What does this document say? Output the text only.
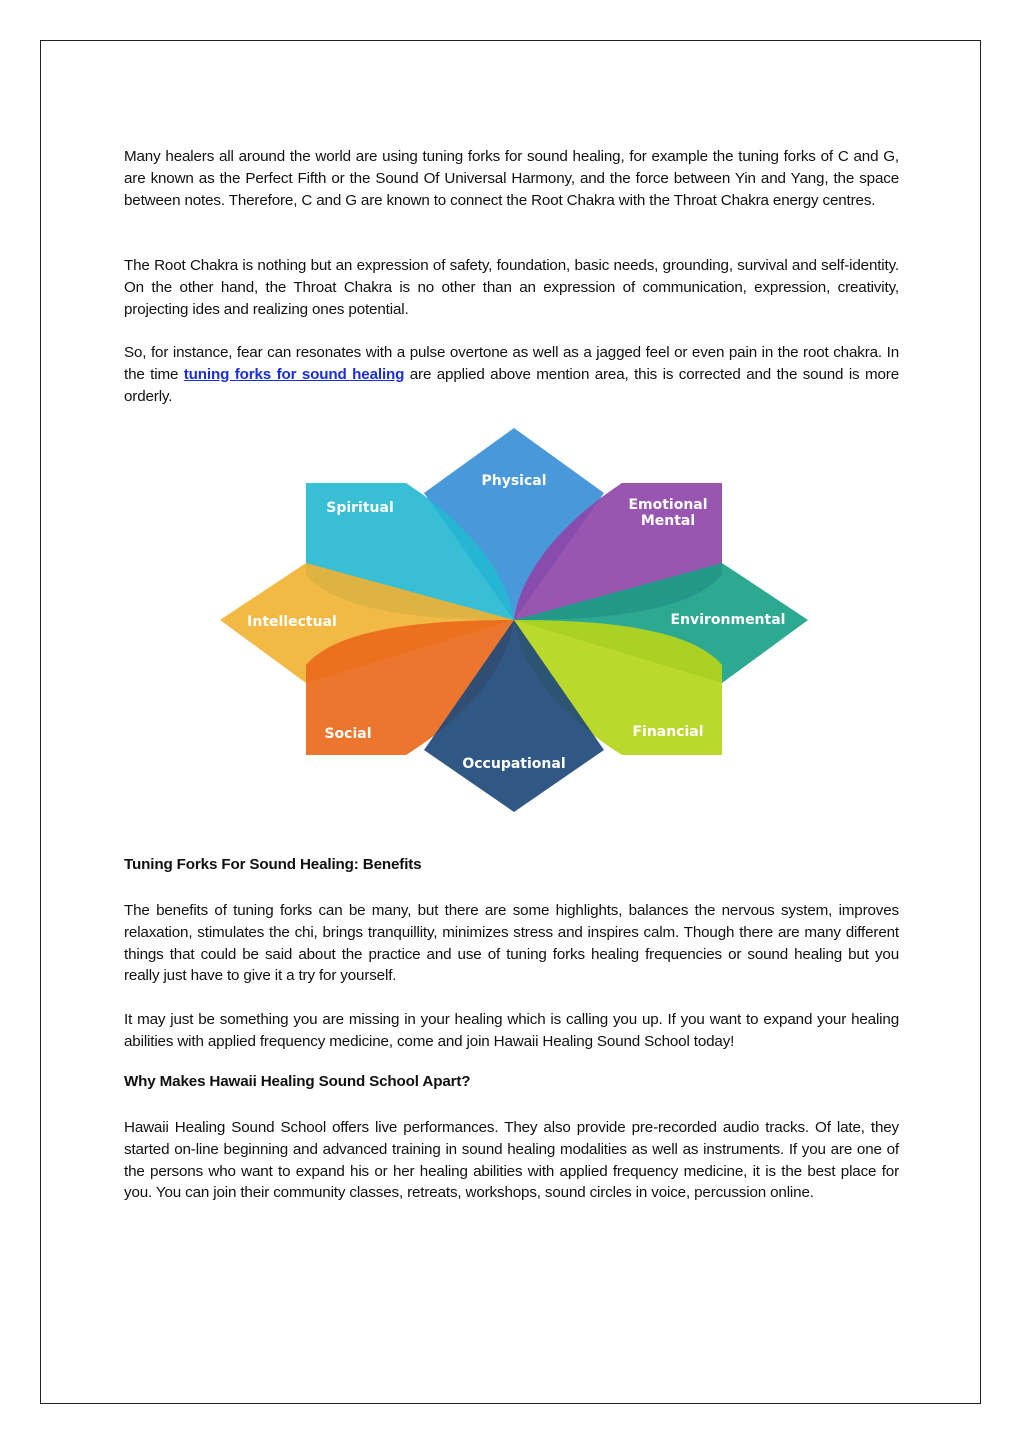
Many healers all around the world are using tuning forks for sound healing, for example the tuning forks of C and G, are known as the Perfect Fifth or the Sound Of Universal Harmony, and the force between Yin and Yang, the space between notes. Therefore, C and G are known to connect the Root Chakra with the Throat Chakra energy centres.

The Root Chakra is nothing but an expression of safety, foundation, basic needs, grounding, survival and self-identity. On the other hand, the Throat Chakra is no other than an expression of communication, expression, creativity, projecting ides and realizing ones potential.

So, for instance, fear can resonates with a pulse overtone as well as a jagged feel or even pain in the root chakra. In the time tuning forks for sound healing are applied above mention area, this is corrected and the sound is more orderly.

Physical
Spiritual	Emotional
Mental
Intellectual	Environmental
Social	Financial
Occupational
Tuning Forks For Sound Healing: Benefits

The benefits of tuning forks can be many, but there are some highlights, balances the nervous system, improves relaxation, stimulates the chi, brings tranquillity, minimizes stress and inspires calm. Though there are many different things that could be said about the practice and use of tuning forks healing frequencies or sound healing but you really just have to give it a try for yourself.

It may just be something you are missing in your healing which is calling you up. If you want to expand your healing abilities with applied frequency medicine, come and join Hawaii Healing Sound School today!

Why Makes Hawaii Healing Sound School Apart?

Hawaii Healing Sound School offers live performances. They also provide pre-recorded audio tracks. Of late, they started on-line beginning and advanced training in sound healing modalities as well as instruments. If you are one of the persons who want to expand his or her healing abilities with applied frequency medicine, it is the best place for you. You can join their community classes, retreats, workshops, sound circles in voice, percussion online.
